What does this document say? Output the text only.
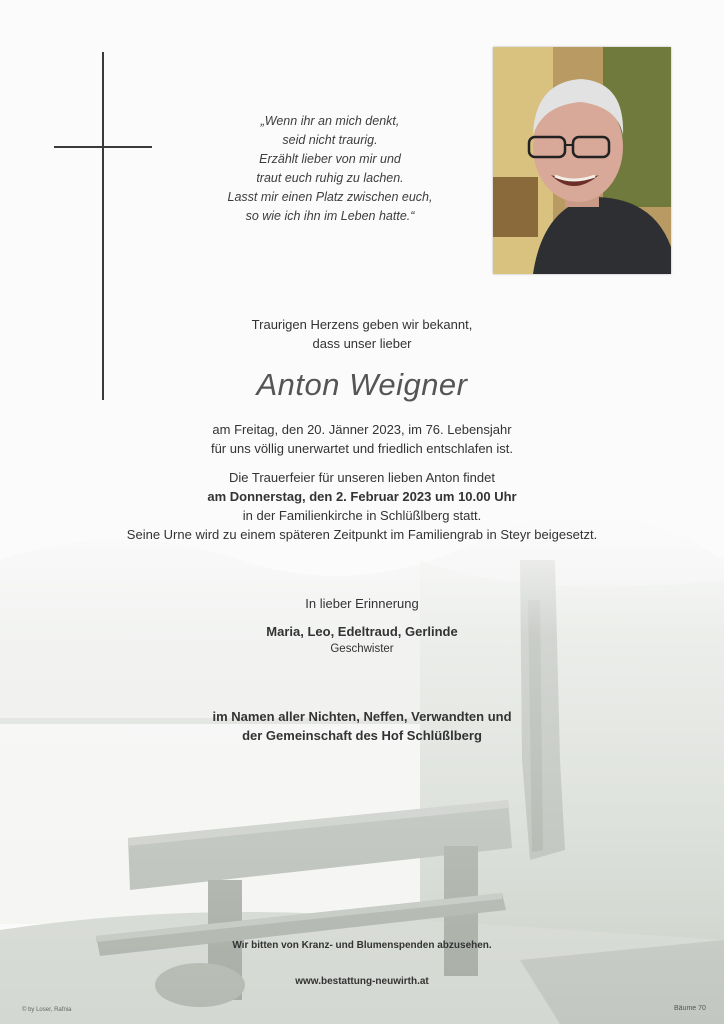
„Wenn ihr an mich denkt,
seid nicht traurig.
Erzählt lieber von mir und
traut euch ruhig zu lachen.
Lasst mir einen Platz zwischen euch,
so wie ich ihn im Leben hatte.“
Traurigen Herzens geben wir bekannt,
dass unser lieber
Anton Weigner
am Freitag, den 20. Jänner 2023, im 76. Lebensjahr
für uns völlig unerwartet und friedlich entschlafen ist.
Die Trauerfeier für unseren lieben Anton findet
am Donnerstag, den 2. Februar 2023 um 10.00 Uhr
in der Familienkirche in Schlüßlberg statt.
Seine Urne wird zu einem späteren Zeitpunkt im Familiengrab in Steyr beigesetzt.
In lieber Erinnerung
Maria, Leo, Edeltraud, Gerlinde
Geschwister
im Namen aller Nichten, Neffen, Verwandten und
der Gemeinschaft des Hof Schlüßlberg
Wir bitten von Kranz- und Blumenspenden abzusehen.
www.bestattung-neuwirth.at
© by Loser, Rafnia	Bäume 70
